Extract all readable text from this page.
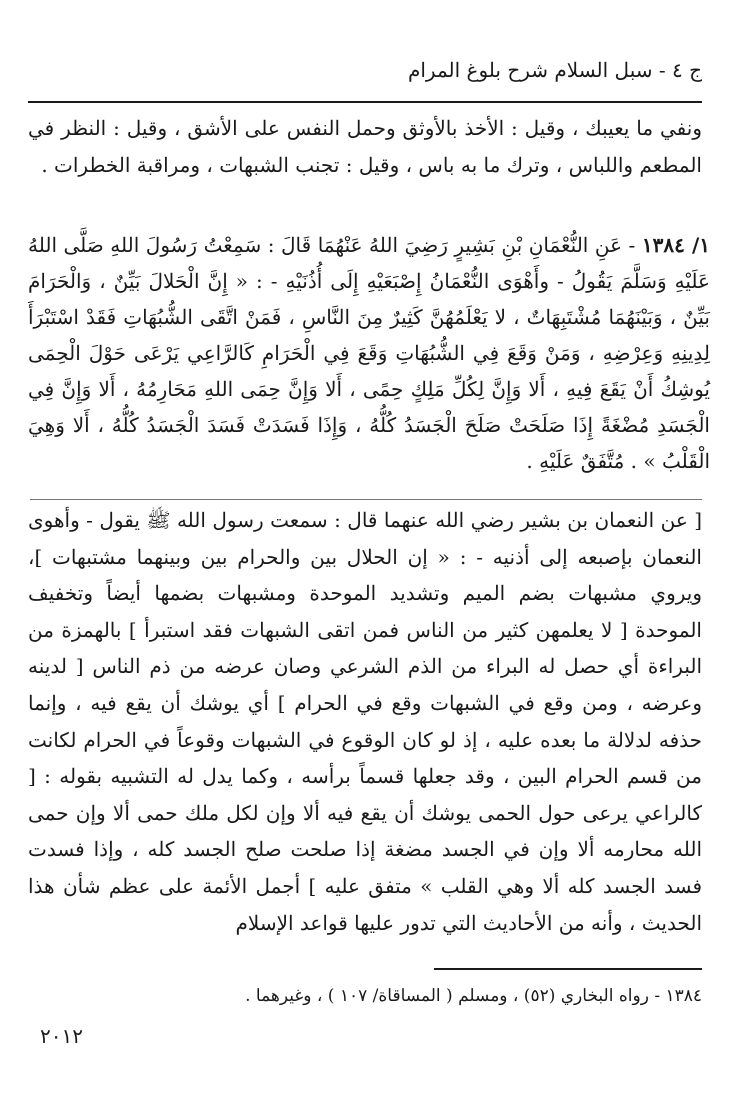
ج ٤ - سبل السلام شرح بلوغ المرام
ونفي ما يعيبك ، وقيل : الأخذ بالأوثق وحمل النفس على الأشق ، وقيل : النظر في المطعم واللباس ، وترك ما به باس ، وقيل : تجنب الشبهات ، ومراقبة الخطرات .
١/ ١٣٨٤ - عَنِ النُّعْمَانِ بْنِ بَشِيرٍ رَضِيَ اللهُ عَنْهُمَا قَالَ : سَمِعْتُ رَسُولَ اللهِ صَلَّى اللهُ عَلَيْهِ وَسَلَّمَ يَقُولُ - وأَهْوَى النُّعْمَانُ إِصْبَعَيْهِ إِلَى أُذُنَيْهِ - : « إِنَّ الْحَلالَ بَيِّنٌ ، وَالْحَرَامَ بَيِّنٌ ، وَبَيْنَهُمَا مُشْتَبِهَاتٌ ، لا يَعْلَمُهُنَّ كَثِيرٌ مِنَ النَّاسِ ، فَمَنْ اتَّقَى الشُّبُهَاتِ فَقَدْ اسْتَبْرَأَ لِدِينِهِ وَعِرْضِهِ ، وَمَنْ وَقَعَ فِي الشُّبُهَاتِ وَقَعَ فِي الْحَرَامِ كَالرَّاعِي يَرْعَى حَوْلَ الْحِمَى يُوشِكُ أَنْ يَقَعَ فِيهِ ، أَلا وَإِنَّ لِكُلِّ مَلِكٍ حِمًى ، أَلا وَإِنَّ حِمَى اللهِ مَحَارِمُهُ ، أَلا وَإِنَّ فِي الْجَسَدِ مُضْغَةً إِذَا صَلَحَتْ صَلَحَ الْجَسَدُ كُلُّهُ ، وَإِذَا فَسَدَتْ فَسَدَ الْجَسَدُ كُلُّهُ ، أَلا وَهِيَ الْقَلْبُ » . مُتَّفَقٌ عَلَيْهِ .
[ عن النعمان بن بشير رضي الله عنهما قال : سمعت رسول الله ﷺ يقول - وأهوى النعمان بإصبعه إلى أذنيه - : « إن الحلال بين والحرام بين وبينهما مشتبهات ]، ويروي مشبهات بضم الميم وتشديد الموحدة ومشبهات بضمها أيضاً وتخفيف الموحدة [ لا يعلمهن كثير من الناس فمن اتقى الشبهات فقد استبرأ ] بالهمزة من البراءة أي حصل له البراء من الذم الشرعي وصان عرضه من ذم الناس [ لدينه وعرضه ، ومن وقع في الشبهات وقع في الحرام ] أي يوشك أن يقع فيه ، وإنما حذفه لدلالة ما بعده عليه ، إذ لو كان الوقوع في الشبهات وقوعاً في الحرام لكانت من قسم الحرام البين ، وقد جعلها قسماً برأسه ، وكما يدل له التشبيه بقوله : [ كالراعي يرعى حول الحمى يوشك أن يقع فيه ألا وإن لكل ملك حمى ألا وإن حمى الله محارمه ألا وإن في الجسد مضغة إذا صلحت صلح الجسد كله ، وإذا فسدت فسد الجسد كله ألا وهي القلب » متفق عليه ] أجمل الأئمة على عظم شأن هذا الحديث ، وأنه من الأحاديث التي تدور عليها قواعد الإسلام
١٣٨٤ - رواه البخاري (٥٢) ، ومسلم ( المساقاة/ ١٠٧ ) ، وغيرهما .
٢٠١٢
